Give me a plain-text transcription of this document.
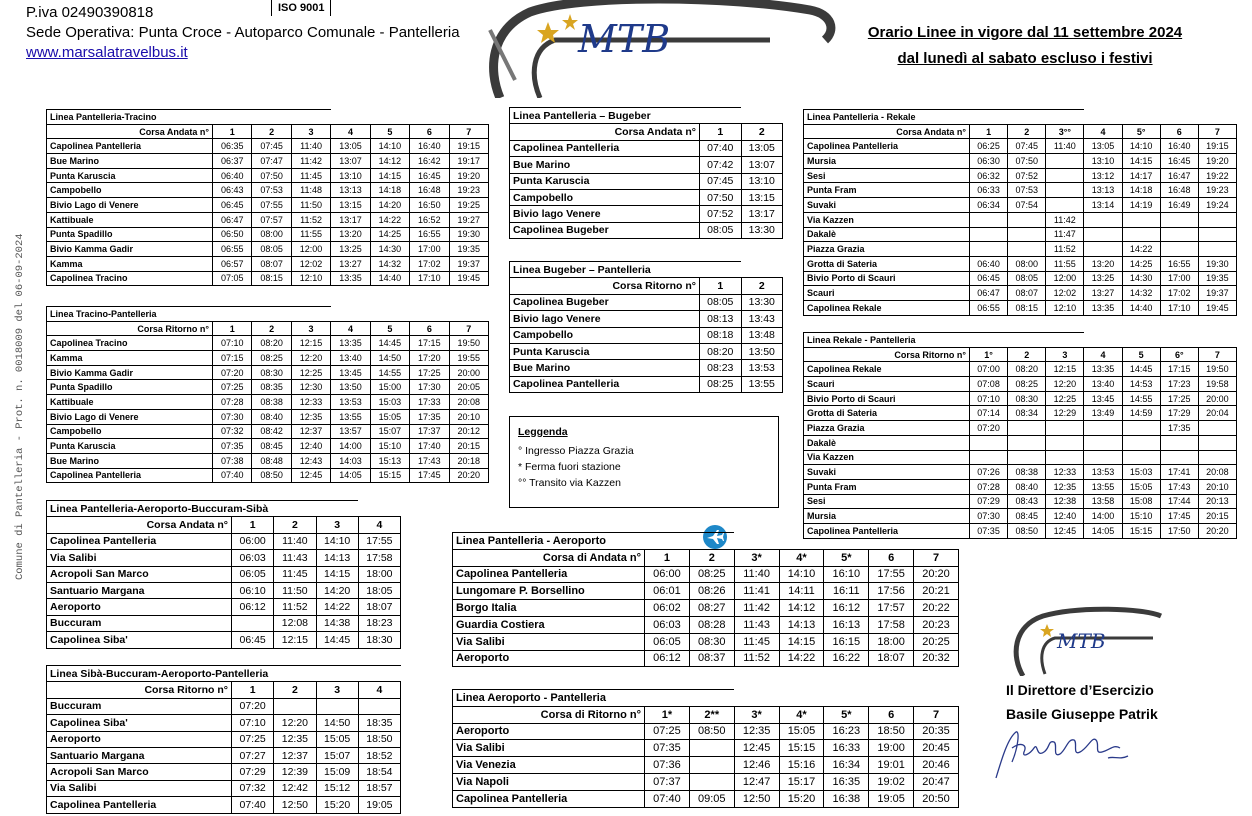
P.iva 02490390818
Sede Operativa: Punta Croce - Autoparco Comunale - Pantelleria
www.marsalatravelbus.it
ISO 9001
MTB	Orario Linee in vigore dal 11 settembre 2024
dal lunedì al sabato escluso i festivi
Comune di Pantelleria - Prot. n. 0018009 del 06-09-2024
Linea Pantelleria-Tracino							
Corsa Andata n°	1	2	3	4	5	6	7
Capolinea Pantelleria	06:35	07:45	11:40	13:05	14:10	16:40	19:15
Bue Marino	06:37	07:47	11:42	13:07	14:12	16:42	19:17
Punta Karuscia	06:40	07:50	11:45	13:10	14:15	16:45	19:20
Campobello	06:43	07:53	11:48	13:13	14:18	16:48	19:23
Bivio Lago di Venere	06:45	07:55	11:50	13:15	14:20	16:50	19:25
Kattibuale	06:47	07:57	11:52	13:17	14:22	16:52	19:27
Punta Spadillo	06:50	08:00	11:55	13:20	14:25	16:55	19:30
Bivio Kamma Gadir	06:55	08:05	12:00	13:25	14:30	17:00	19:35
Kamma	06:57	08:07	12:02	13:27	14:32	17:02	19:37
Capolinea Tracino	07:05	08:15	12:10	13:35	14:40	17:10	19:45
Linea Tracino-Pantelleria							
Corsa Ritorno n°	1	2	3	4	5	6	7
Capolinea Tracino	07:10	08:20	12:15	13:35	14:45	17:15	19:50
Kamma	07:15	08:25	12:20	13:40	14:50	17:20	19:55
Bivio Kamma Gadir	07:20	08:30	12:25	13:45	14:55	17:25	20:00
Punta Spadillo	07:25	08:35	12:30	13:50	15:00	17:30	20:05
Kattibuale	07:28	08:38	12:33	13:53	15:03	17:33	20:08
Bivio Lago di Venere	07:30	08:40	12:35	13:55	15:05	17:35	20:10
Campobello	07:32	08:42	12:37	13:57	15:07	17:37	20:12
Punta Karuscia	07:35	08:45	12:40	14:00	15:10	17:40	20:15
Bue Marino	07:38	08:48	12:43	14:03	15:13	17:43	20:18
Capolinea Pantelleria	07:40	08:50	12:45	14:05	15:15	17:45	20:20
Linea Pantelleria-Aeroporto-Buccuram-Sibà				
Corsa Andata n°	1	2	3	4
Capolinea Pantelleria	06:00	11:40	14:10	17:55
Via Salibi	06:03	11:43	14:13	17:58
Acropoli San Marco	06:05	11:45	14:15	18:00
Santuario Margana	06:10	11:50	14:20	18:05
Aeroporto	06:12	11:52	14:22	18:07
Buccuram		12:08	14:38	18:23
Capolinea Siba'	06:45	12:15	14:45	18:30
Linea Sibà-Buccuram-Aeroporto-Pantelleria				
Corsa Ritorno n°	1	2	3	4
Buccuram	07:20			
Capolinea Siba'	07:10	12:20	14:50	18:35
Aeroporto	07:25	12:35	15:05	18:50
Santuario Margana	07:27	12:37	15:07	18:52
Acropoli San Marco	07:29	12:39	15:09	18:54
Via Salibi	07:32	12:42	15:12	18:57
Capolinea Pantelleria	07:40	12:50	15:20	19:05
Linea Pantelleria – Bugeber		
Corsa Andata n°	1	2
Capolinea Pantelleria	07:40	13:05
Bue Marino	07:42	13:07
Punta Karuscia	07:45	13:10
Campobello	07:50	13:15
Bivio lago Venere	07:52	13:17
Capolinea Bugeber	08:05	13:30
Linea Bugeber – Pantelleria		
Corsa Ritorno n°	1	2
Capolinea Bugeber	08:05	13:30
Bivio lago Venere	08:13	13:43
Campobello	08:18	13:48
Punta Karuscia	08:20	13:50
Bue Marino	08:23	13:53
Capolinea Pantelleria	08:25	13:55
Leggenda
° Ingresso Piazza Grazia
* Ferma fuori stazione
°° Transito via Kazzen
Linea Pantelleria - Aeroporto							
Corsa di Andata n°	1	2	3*	4*	5*	6	7
Capolinea Pantelleria	06:00	08:25	11:40	14:10	16:10	17:55	20:20
Lungomare P. Borsellino	06:01	08:26	11:41	14:11	16:11	17:56	20:21
Borgo Italia	06:02	08:27	11:42	14:12	16:12	17:57	20:22
Guardia Costiera	06:03	08:28	11:43	14:13	16:13	17:58	20:23
Via Salibi	06:05	08:30	11:45	14:15	16:15	18:00	20:25
Aeroporto	06:12	08:37	11:52	14:22	16:22	18:07	20:32
Linea Aeroporto - Pantelleria							
Corsa di Ritorno n°	1*	2**	3*	4*	5*	6	7
Aeroporto	07:25	08:50	12:35	15:05	16:23	18:50	20:35
Via Salibi	07:35		12:45	15:15	16:33	19:00	20:45
Via Venezia	07:36		12:46	15:16	16:34	19:01	20:46
Via Napoli	07:37		12:47	15:17	16:35	19:02	20:47
Capolinea Pantelleria	07:40	09:05	12:50	15:20	16:38	19:05	20:50
Linea Pantelleria - Rekale							
Corsa Andata n°	1	2	3°°	4	5°	6	7
Capolinea Pantelleria	06:25	07:45	11:40	13:05	14:10	16:40	19:15
Mursia	06:30	07:50		13:10	14:15	16:45	19:20
Sesi	06:32	07:52		13:12	14:17	16:47	19:22
Punta Fram	06:33	07:53		13:13	14:18	16:48	19:23
Suvaki	06:34	07:54		13:14	14:19	16:49	19:24
Via Kazzen			11:42				
Dakalè			11:47				
Piazza Grazia			11:52		14:22		
Grotta di Sateria	06:40	08:00	11:55	13:20	14:25	16:55	19:30
Bivio Porto di Scauri	06:45	08:05	12:00	13:25	14:30	17:00	19:35
Scauri	06:47	08:07	12:02	13:27	14:32	17:02	19:37
Capolinea Rekale	06:55	08:15	12:10	13:35	14:40	17:10	19:45
Linea Rekale - Pantelleria							
Corsa Ritorno n°	1°	2	3	4	5	6°	7
Capolinea Rekale	07:00	08:20	12:15	13:35	14:45	17:15	19:50
Scauri	07:08	08:25	12:20	13:40	14:53	17:23	19:58
Bivio Porto di Scauri	07:10	08:30	12:25	13:45	14:55	17:25	20:00
Grotta di Sateria	07:14	08:34	12:29	13:49	14:59	17:29	20:04
Piazza Grazia	07:20					17:35	
Dakalè							
Via Kazzen							
Suvaki	07:26	08:38	12:33	13:53	15:03	17:41	20:08
Punta Fram	07:28	08:40	12:35	13:55	15:05	17:43	20:10
Sesi	07:29	08:43	12:38	13:58	15:08	17:44	20:13
Mursia	07:30	08:45	12:40	14:00	15:10	17:45	20:15
Capolinea Pantelleria	07:35	08:50	12:45	14:05	15:15	17:50	20:20
MTB
Il Direttore d’Esercizio
Basile Giuseppe Patrik
